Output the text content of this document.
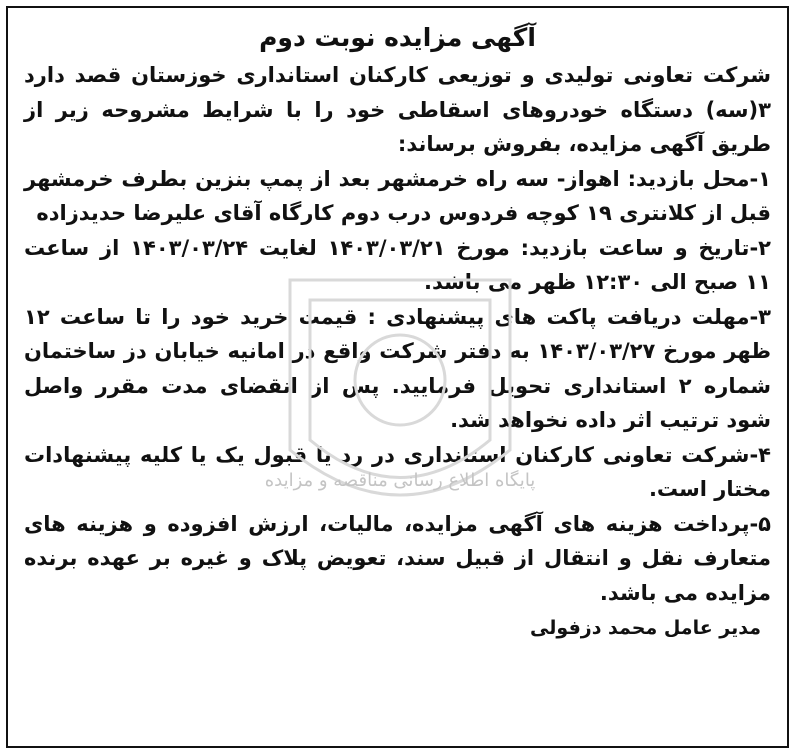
آگهی مزایده نوبت دوم

شرکت تعاونی تولیدی و توزیعی کارکنان استانداری خوزستان قصد دارد ۳(سه) دستگاه خودروهای اسقاطی خود را با شرایط مشروحه زیر از طریق آگهی مزایده، بفروش برساند:

۱-محل بازدید: اهواز- سه راه خرمشهر بعد از پمپ بنزین بطرف خرمشهر قبل از کلانتری ۱۹ کوچه فردوس درب دوم کارگاه آقای علیرضا حدیدزاده

۲-تاریخ و ساعت بازدید: مورخ ۱۴۰۳/۰۳/۲۱ لغایت ۱۴۰۳/۰۳/۲۴ از ساعت ۱۱ صبح الی ۱۲:۳۰ ظهر می باشد.

۳-مهلت دریافت پاکت های پیشنهادی : قیمت خرید خود را تا ساعت ۱۲ ظهر مورخ ۱۴۰۳/۰۳/۲۷ به دفتر شرکت واقع در امانیه خیابان دز ساختمان شماره ۲ استانداری تحویل فرمایید. پس از انقضای مدت مقرر واصل شود ترتیب اثر داده نخواهد شد.

۴-شرکت تعاونی کارکنان استانداری در رد یا قبول یک یا کلیه پیشنهادات مختار است.

۵-پرداخت هزینه های آگهی مزایده، مالیات، ارزش افزوده و هزینه های متعارف نقل و انتقال از قبیل سند، تعویض پلاک و غیره بر عهده برنده مزایده می باشد.

مدیر عامل محمد دزفولی
پایگاه اطلاع رسانی مناقصه و مزایده
